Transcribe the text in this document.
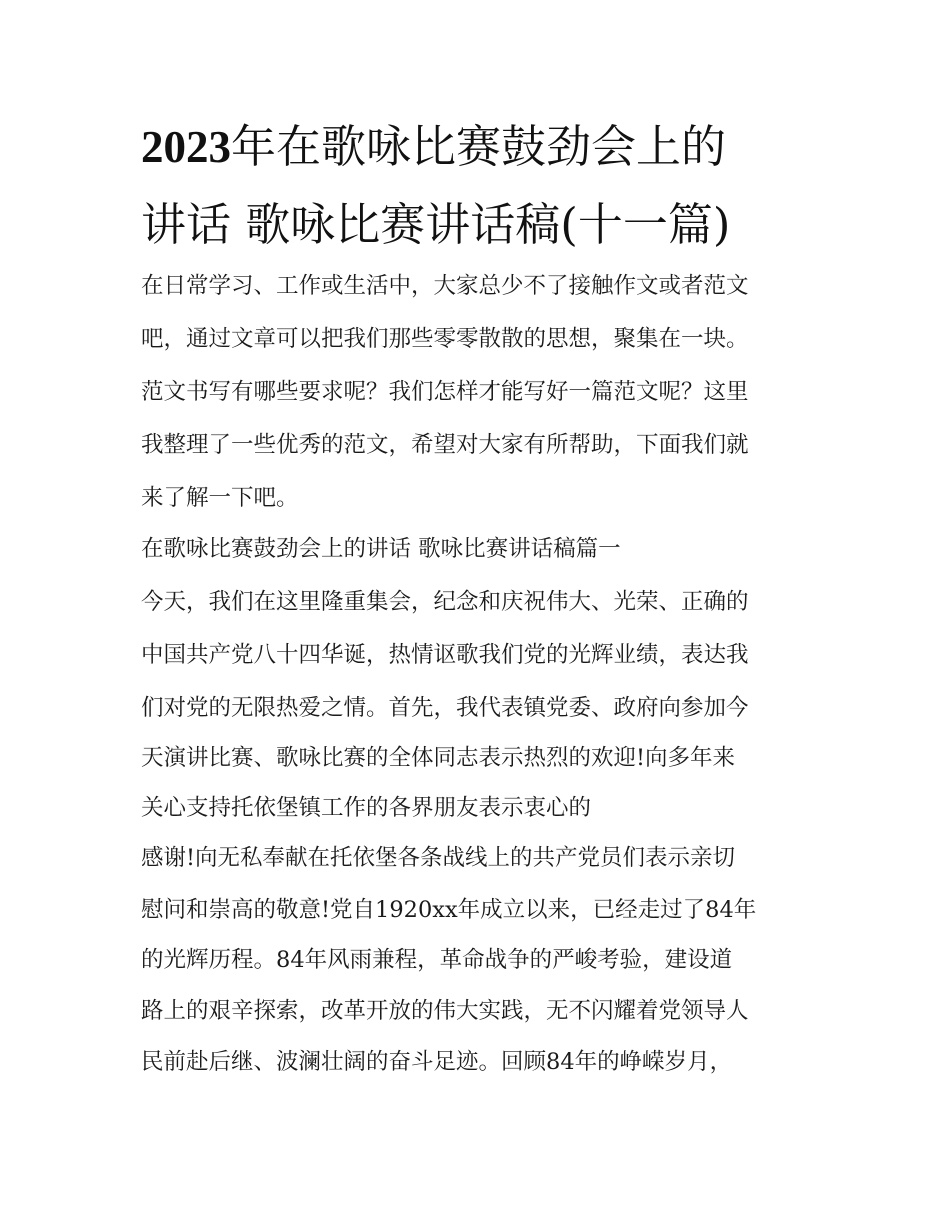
2023年在歌咏比赛鼓劲会上的
讲话 歌咏比赛讲话稿(十一篇)
在日常学习、工作或生活中，大家总少不了接触作文或者范文
吧，通过文章可以把我们那些零零散散的思想，聚集在一块。
范文书写有哪些要求呢？我们怎样才能写好一篇范文呢？这里
我整理了一些优秀的范文，希望对大家有所帮助，下面我们就
来了解一下吧。
在歌咏比赛鼓劲会上的讲话 歌咏比赛讲话稿篇一
今天，我们在这里隆重集会，纪念和庆祝伟大、光荣、正确的
中国共产党八十四华诞，热情讴歌我们党的光辉业绩，表达我
们对党的无限热爱之情。首先，我代表镇党委、政府向参加今
天演讲比赛、歌咏比赛的全体同志表示热烈的欢迎!向多年来
关心支持托依堡镇工作的各界朋友表示衷心的
感谢!向无私奉献在托依堡各条战线上的共产党员们表示亲切
慰问和崇高的敬意!党自1920xx年成立以来，已经走过了84年
的光辉历程。84年风雨兼程，革命战争的严峻考验，建设道
路上的艰辛探索，改革开放的伟大实践，无不闪耀着党领导人
民前赴后继、波澜壮阔的奋斗足迹。回顾84年的峥嵘岁月，
